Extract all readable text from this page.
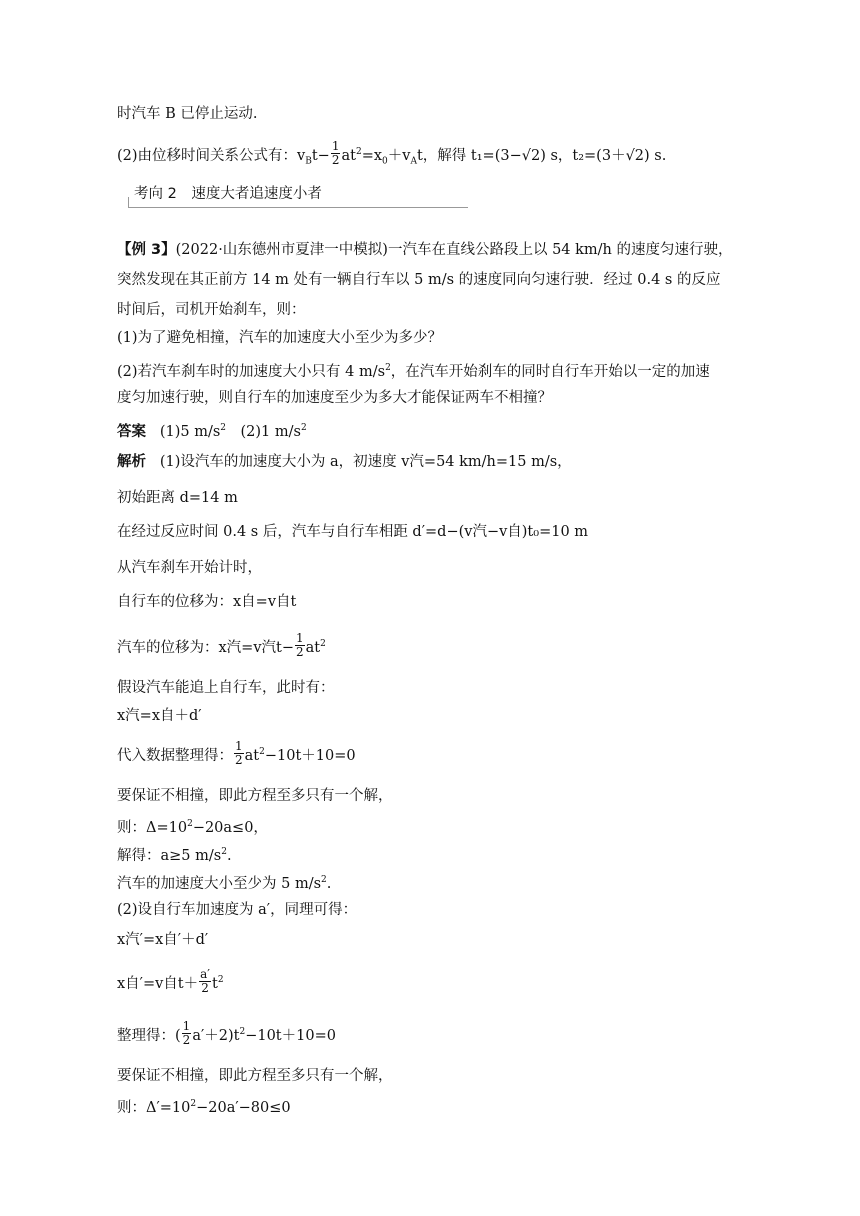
时汽车 B 已停止运动.

(2)由位移时间关系公式有：$v_Bt- \frac{1}{2} at^2=x_0+v_At$，解得 t₁=(3−√2) s，t₂=(3＋√2) s.

考向 2　速度大者追速度小者

【例 3】(2022·山东德州市夏津一中模拟)一汽车在直线公路段上以 54 km/h 的速度匀速行驶，

突然发现在其正前方 14 m 处有一辆自行车以 5 m/s 的速度同向匀速行驶．经过 0.4 s 的反应

时间后，司机开始刹车，则：

(1)为了避免相撞，汽车的加速度大小至少为多少？

(2)若汽车刹车时的加速度大小只有 4 $m/s^2$，在汽车开始刹车的同时自行车开始以一定的加速

度匀加速行驶，则自行车的加速度至少为多大才能保证两车不相撞？

答案 (1)5 $m/s^2$　(2)1 $m/s^2$

解析 (1)设汽车的加速度大小为 a，初速度 v汽=54 km/h=15 m/s，

初始距离 d=14 m

在经过反应时间 0.4 s 后，汽车与自行车相距 d′=d−(v汽−v自)t₀=10 m

从汽车刹车开始计时，

自行车的位移为：x自=v自t

汽车的位移为：x汽=v汽$t- \frac{1}{2} at^2$

假设汽车能追上自行车，此时有：

x汽=x自＋d′

代入数据整理得： $\frac{1}{2} at^2-10t+10=0$

要保证不相撞，即此方程至多只有一个解，

则：$\Delta=10^2-20a\le 0$，

解得：a≥5 $m/s^2$.

汽车的加速度大小至少为 5 $m/s^2$.

(2)设自行车加速度为 a′，同理可得：

x汽′=x自′＋d′

x自′=v自$t+ \frac{a'}{2} t^2$

整理得：( $\frac{1}{2} a'+2)t^2-10t+10=0$

要保证不相撞，即此方程至多只有一个解，

则：$\Delta'=10^2-20a'-80\le 0$
